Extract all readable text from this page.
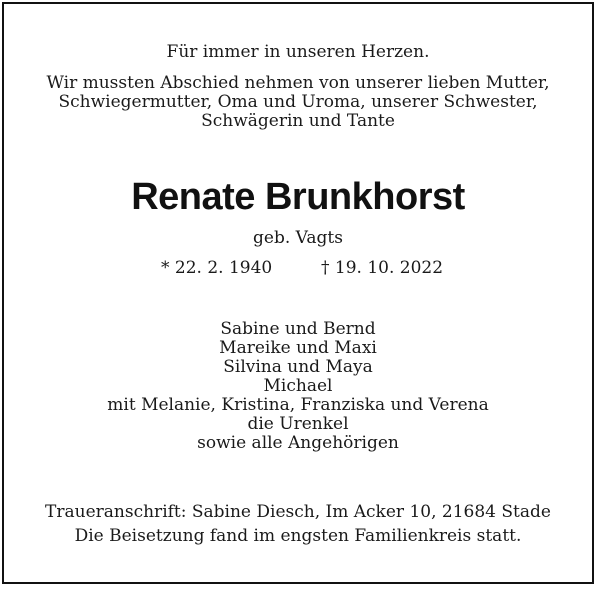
Für immer in unseren Herzen.
Wir mussten Abschied nehmen von unserer lieben Mutter,
Schwiegermutter, Oma und Uroma, unserer Schwester,
Schwägerin und Tante
Renate Brunkhorst
geb. Vagts
* 22. 2. 1940	† 19. 10. 2022
Sabine und Bernd
Mareike und Maxi
Silvina und Maya
Michael
mit Melanie, Kristina, Franziska und Verena
die Urenkel
sowie alle Angehörigen
Traueranschrift: Sabine Diesch, Im Acker 10, 21684 Stade
Die Beisetzung fand im engsten Familienkreis statt.
